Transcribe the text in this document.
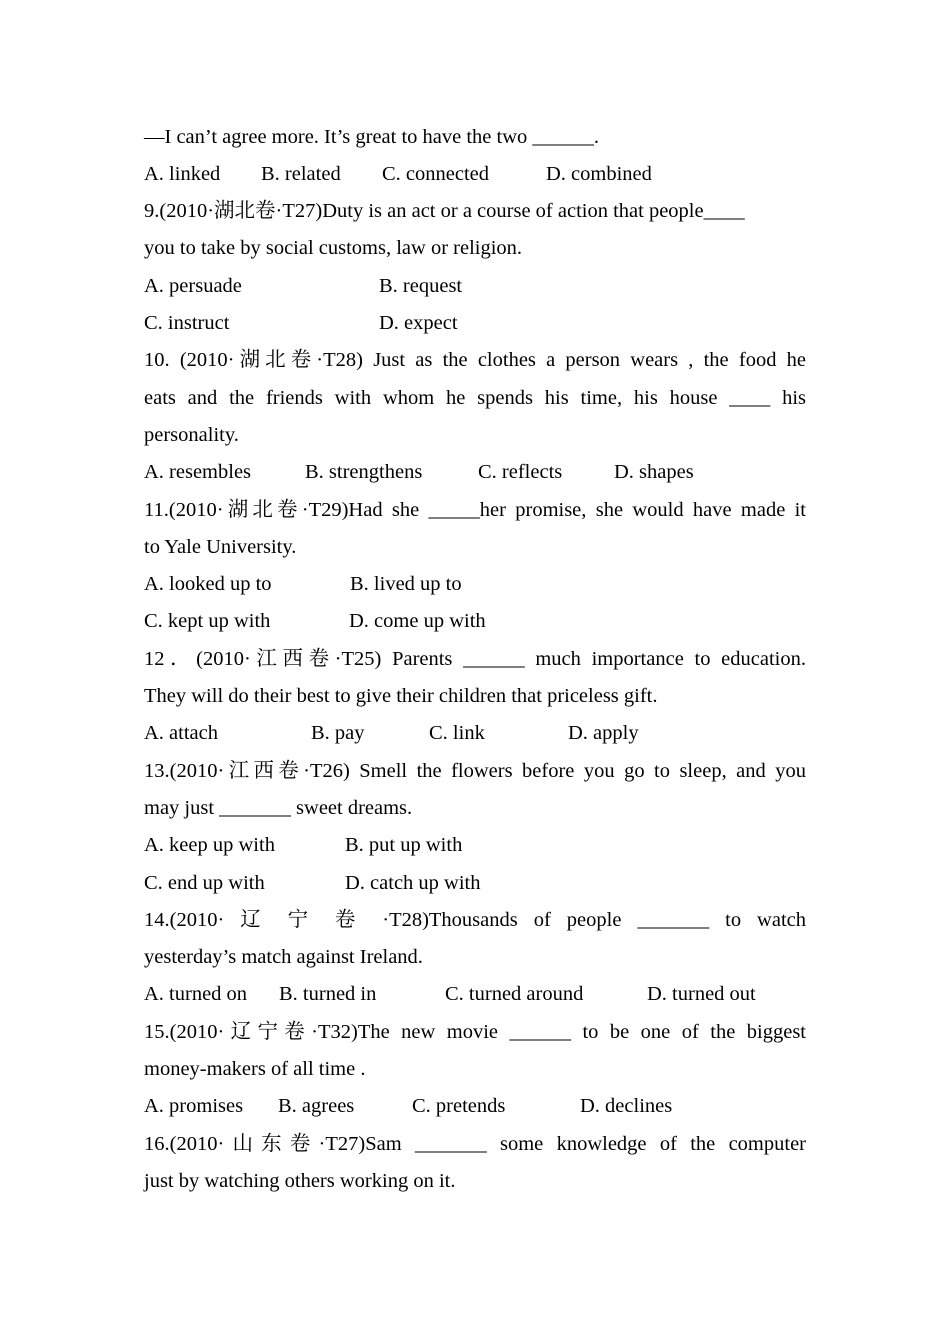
—I can’t agree more. It’s great to have the two ______.

A. linked

B. related

C. connected

	D. combined

9.(2010·湖北卷·T27)Duty is an act or a course of action that people____
you to take by social customs, law or religion.

A. persuade

	B. request

C. instruct

	D. expect

10. (2010·湖北卷·T28) Just as the clothes a person wears , the food he
eats and the friends with whom he spends his time, his house ____ his
personality.

A. resembles

	B. strengthens

	C. reflects

	D. shapes

11.(2010·湖北卷·T29)Had she _____her promise, she would have made it
to Yale University.

A. looked up to

	B. lived up to

C. kept up with

	D. come up with

12．(2010·江西卷·T25) Parents ______ much importance to education.
They will do their best to give their children that priceless gift.

A. attach

	B. pay

	C. link

	D. apply

13.(2010·江西卷·T26) Smell the flowers before you go to sleep, and you
may just _______ sweet dreams.

A. keep up with

	B. put up with

C. end up with

	D. catch up with

14.(2010· 辽 宁 卷 ·T28)Thousands of people _______ to watch
yesterday’s match against Ireland.

A. turned on

B. turned in

	C. turned around

	D. turned out

15.(2010·辽宁卷·T32)The new movie ______ to be one of the biggest
money-makers of all time .

A. promises

B. agrees

	C. pretends

	D. declines

16.(2010·山东卷·T27)Sam _______ some knowledge of the computer
just by watching others working on it.
